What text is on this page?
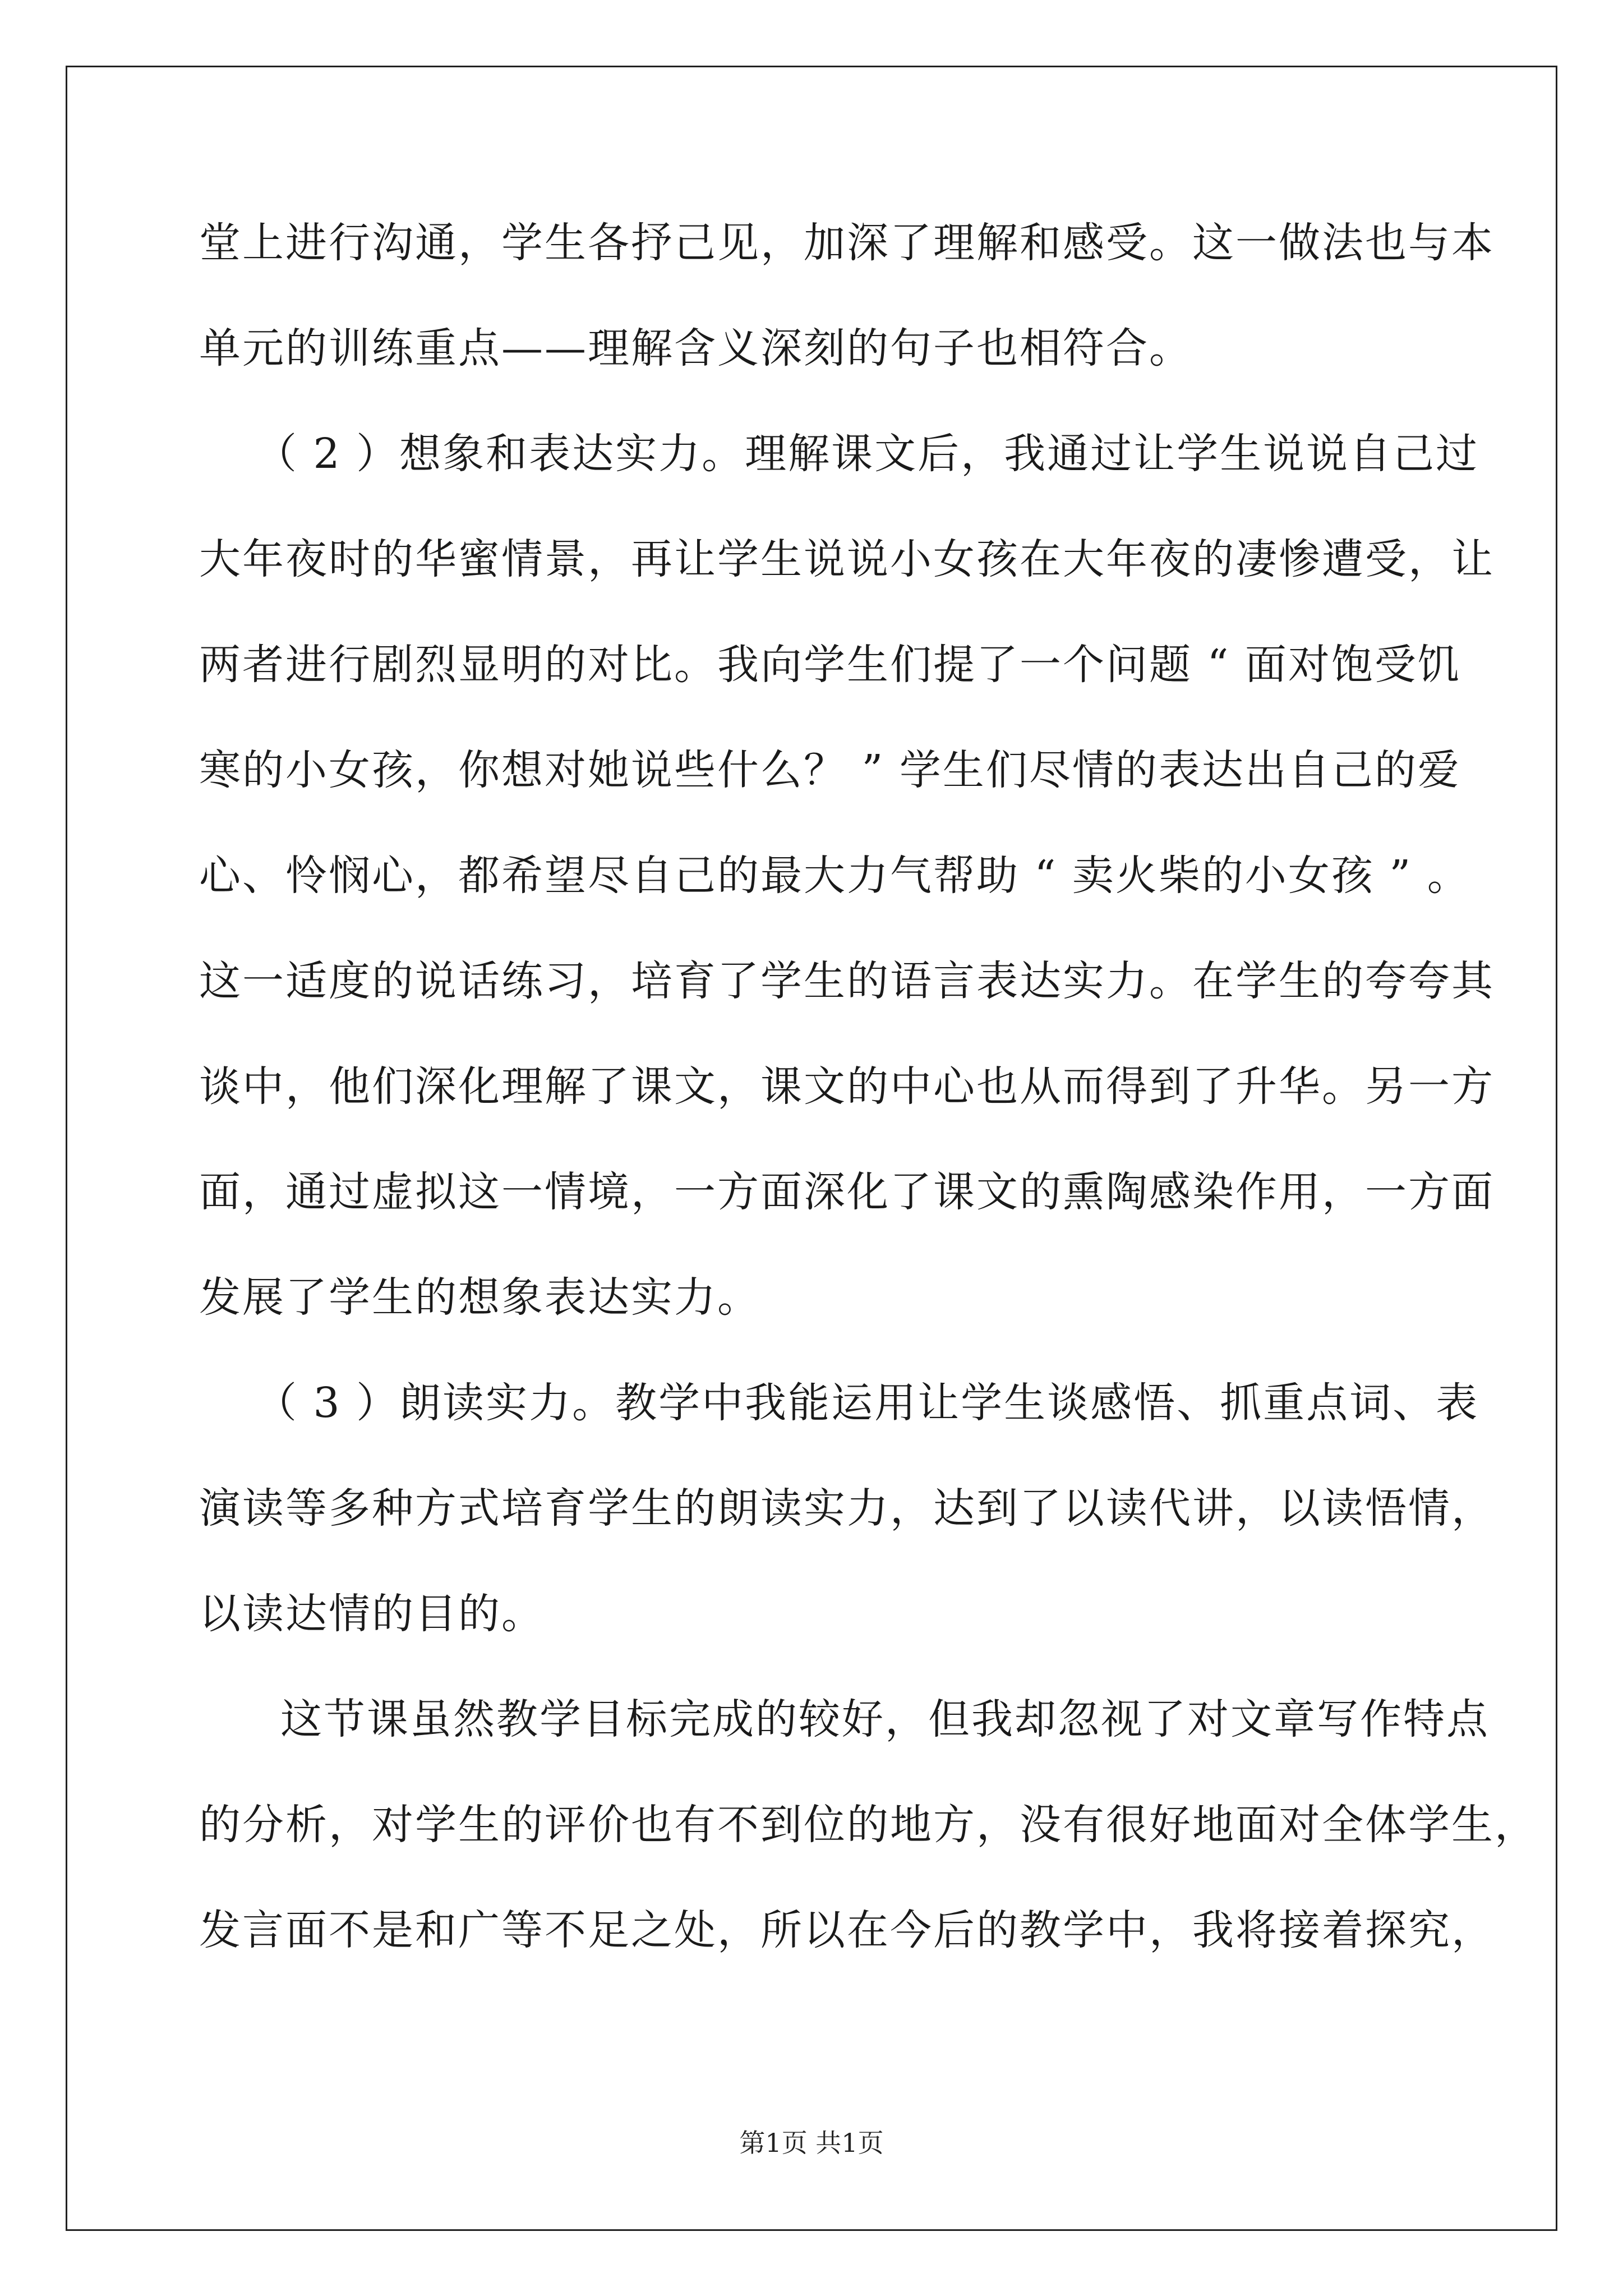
堂上进行沟通，学生各抒己见，加深了理解和感受。这一做法也与本
单元的训练重点——理解含义深刻的句子也相符合。
（ 2 ）想象和表达实力。理解课文后，我通过让学生说说自己过
大年夜时的华蜜情景，再让学生说说小女孩在大年夜的凄惨遭受，让
两者进行剧烈显明的对比。我向学生们提了一个问题 “ 面对饱受饥
寒的小女孩，你想对她说些什么？ ” 学生们尽情的表达出自己的爱
心、怜悯心，都希望尽自己的最大力气帮助 “ 卖火柴的小女孩 ” 。
这一适度的说话练习，培育了学生的语言表达实力。在学生的夸夸其
谈中，他们深化理解了课文，课文的中心也从而得到了升华。另一方
面，通过虚拟这一情境，一方面深化了课文的熏陶感染作用，一方面
发展了学生的想象表达实力。
（ 3 ）朗读实力。教学中我能运用让学生谈感悟、抓重点词、表
演读等多种方式培育学生的朗读实力，达到了以读代讲，以读悟情，
以读达情的目的。
这节课虽然教学目标完成的较好，但我却忽视了对文章写作特点
的分析，对学生的评价也有不到位的地方，没有很好地面对全体学生，
发言面不是和广等不足之处，所以在今后的教学中，我将接着探究，
第1页 共1页
